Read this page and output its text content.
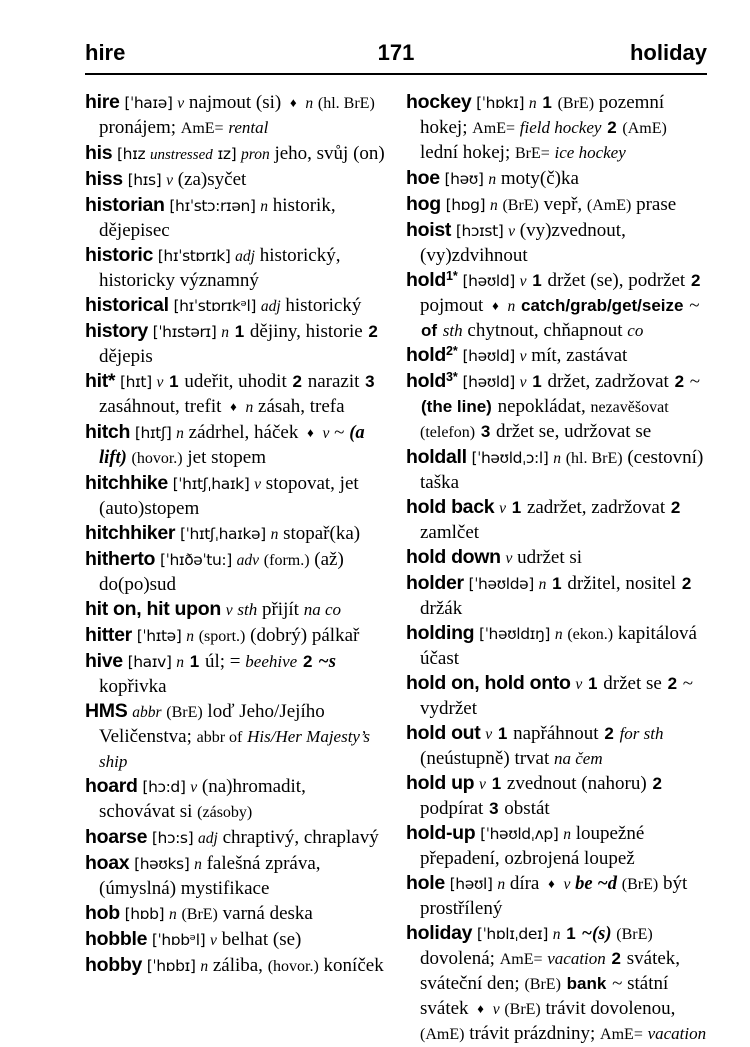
hire	171	holiday
hire [ˈhaɪə] v najmout (si) ♦ n (hl. BrE) pronájem; AmE= rental
his [hɪz unstressed ɪz] pron jeho, svůj (on)
hiss [hɪs] v (za)syčet
historian [hɪˈstɔ:rɪən] n historik, dějepisec
historic [hɪˈstɒrɪk] adj historický, historicky významný
historical [hɪˈstɒrɪkᵊl] adj historický
history [ˈhɪstərɪ] n 1 dějiny, historie 2 dějepis
hit* [hɪt] v 1 udeřit, uhodit 2 narazit 3 zasáhnout, trefit ♦ n zásah, trefa
hitch [hɪtʃ] n zádrhel, háček ♦ v ~ (a lift) (hovor.) jet stopem
hitchhike [ˈhɪtʃˌhaɪk] v stopovat, jet (auto)stopem
hitchhiker [ˈhɪtʃˌhaɪkə] n stopař(ka)
hitherto [ˈhɪðəˈtu:] adv (form.) (až) do(po)sud
hit on, hit upon v sth přijít na co
hitter [ˈhɪtə] n (sport.) (dobrý) pálkař
hive [haɪv] n 1 úl; = beehive 2 ~s kopřivka
HMS abbr (BrE) loď Jeho/Jejího Veličenstva; abbr of His/Her Majesty’s ship
hoard [hɔ:d] v (na)hromadit, schovávat si (zásoby)
hoarse [hɔ:s] adj chraptivý, chraplavý
hoax [həʊks] n falešná zpráva, (úmyslná) mystifikace
hob [hɒb] n (BrE) varná deska
hobble [ˈhɒbᵊl] v belhat (se)
hobby [ˈhɒbɪ] n záliba, (hovor.) koníček
hockey [ˈhɒkɪ] n 1 (BrE) pozemní hokej; AmE= field hockey 2 (AmE) lední hokej; BrE= ice hockey
hoe [həʊ] n moty(č)ka
hog [hɒg] n (BrE) vepř, (AmE) prase
hoist [hɔɪst] v (vy)zvednout, (vy)zdvihnout
hold$^{1*}$ [həʊld] v 1 držet (se), podržet 2 pojmout ♦ n catch/grab/get/seize ~ of sth chytnout, chňapnout co
hold$^{2*}$ [həʊld] v mít, zastávat
hold$^{3*}$ [həʊld] v 1 držet, zadržovat 2 ~ (the line) nepokládat, nezavěšovat (telefon) 3 držet se, udržovat se
holdall [ˈhəʊldˌɔ:l] n (hl. BrE) (cestovní) taška
hold back v 1 zadržet, zadržovat 2 zamlčet
hold down v udržet si
holder [ˈhəʊldə] n 1 držitel, nositel 2 držák
holding [ˈhəʊldɪŋ] n (ekon.) kapitálová účast
hold on, hold onto v 1 držet se 2 ~ vydržet
hold out v 1 napřáhnout 2 for sth (neústupně) trvat na čem
hold up v 1 zvednout (nahoru) 2 podpírat 3 obstát
hold-up [ˈhəʊldˌʌp] n loupežné přepadení, ozbrojená loupež
hole [həʊl] n díra ♦ v be ~d (BrE) být prostřílený
holiday [ˈhɒlɪˌdeɪ] n 1 ~(s) (BrE) dovolená; AmE= vacation 2 svátek, sváteční den; (BrE) bank ~ státní svátek ♦ v (BrE) trávit dovolenou, (AmE) trávit prázdniny; AmE= vacation
